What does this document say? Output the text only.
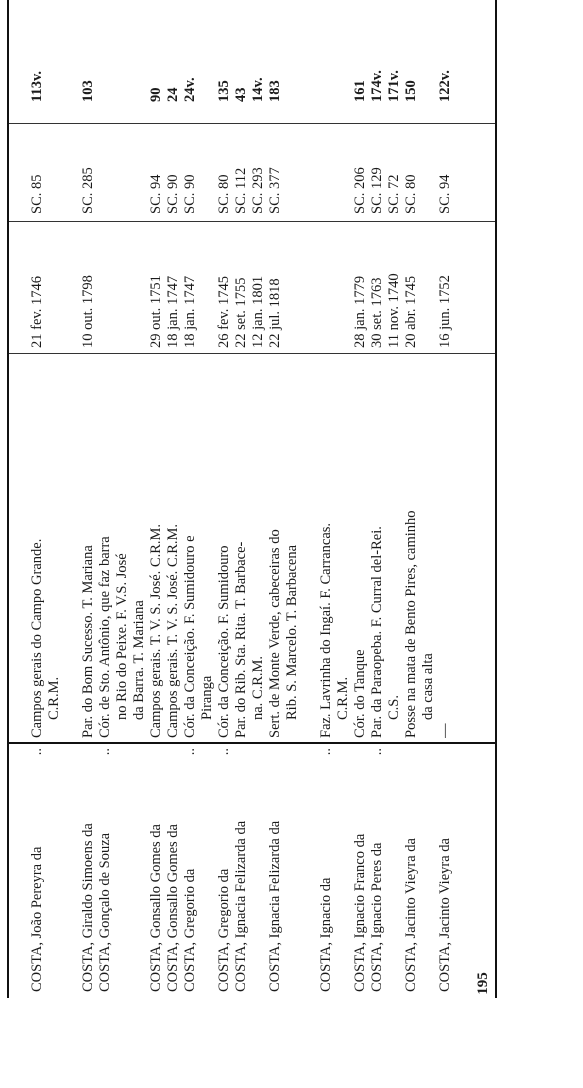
COSTA, João Pereyra da
..
Campos gerais do Campo Grande.
21 fev. 1746
SC. 85
113v.
C.R.M.
COSTA, Giraldo Simoens da
Par. do Bom Sucesso. T. Mariana
10 out. 1798
SC. 285
103
COSTA, Gonçalo de Souza
..
Cór. de Sto. Antônio, que faz barra no Rio do Peixe. F. V.S. José da Barra. T. Mariana
COSTA, Gonsallo Gomes da
Campos gerais. T. V. S. José. C.R.M.
29 out. 1751
SC. 94
90
COSTA, Gonsallo Gomes da
Campos gerais. T. V. S. José. C.R.M.
18 jan. 1747
SC. 90
24
COSTA, Gregorio da
..
Cór. da Conceição. F. Sumidouro e
18 jan. 1747
SC. 90
24v.
Piranga
COSTA, Gregorio da
..
Cór. da Conceição. F. Sumidouro
26 fev. 1745
SC. 80
135
COSTA, Ignacia Felizarda da
Par. do Rib. Sta. Rita. T. Barbace-
22 set. 1755
SC. 112
43
na. C.R.M.
12 jan. 1801
SC. 293
14v.
COSTA, Ignacia Felizarda da
Sert. de Monte Verde, cabeceiras do
22 jul. 1818
SC. 377
183
Rib. S. Marcelo. T. Barbacena
COSTA, Ignacio da
..
Faz. Lavrinha do Ingaí. F. Carrancas. C.R.M.
COSTA, Ignacio Franco da
Cór. do Tanque
28 jan. 1779
SC. 206
161
COSTA, Ignacio Peres da
..
Par. da Paraopeba. F. Curral del-Rei.
30 set. 1763
SC. 129
174v.
C.S.
11 nov. 1740
SC. 72
171v.
COSTA, Jacinto Vieyra da
Posse na mata de Bento Pires, caminho
20 abr. 1745
SC. 80
150
da casa alta
COSTA, Jacinto Vieyra da
—
16 jun. 1752
SC. 94
122v.
195
